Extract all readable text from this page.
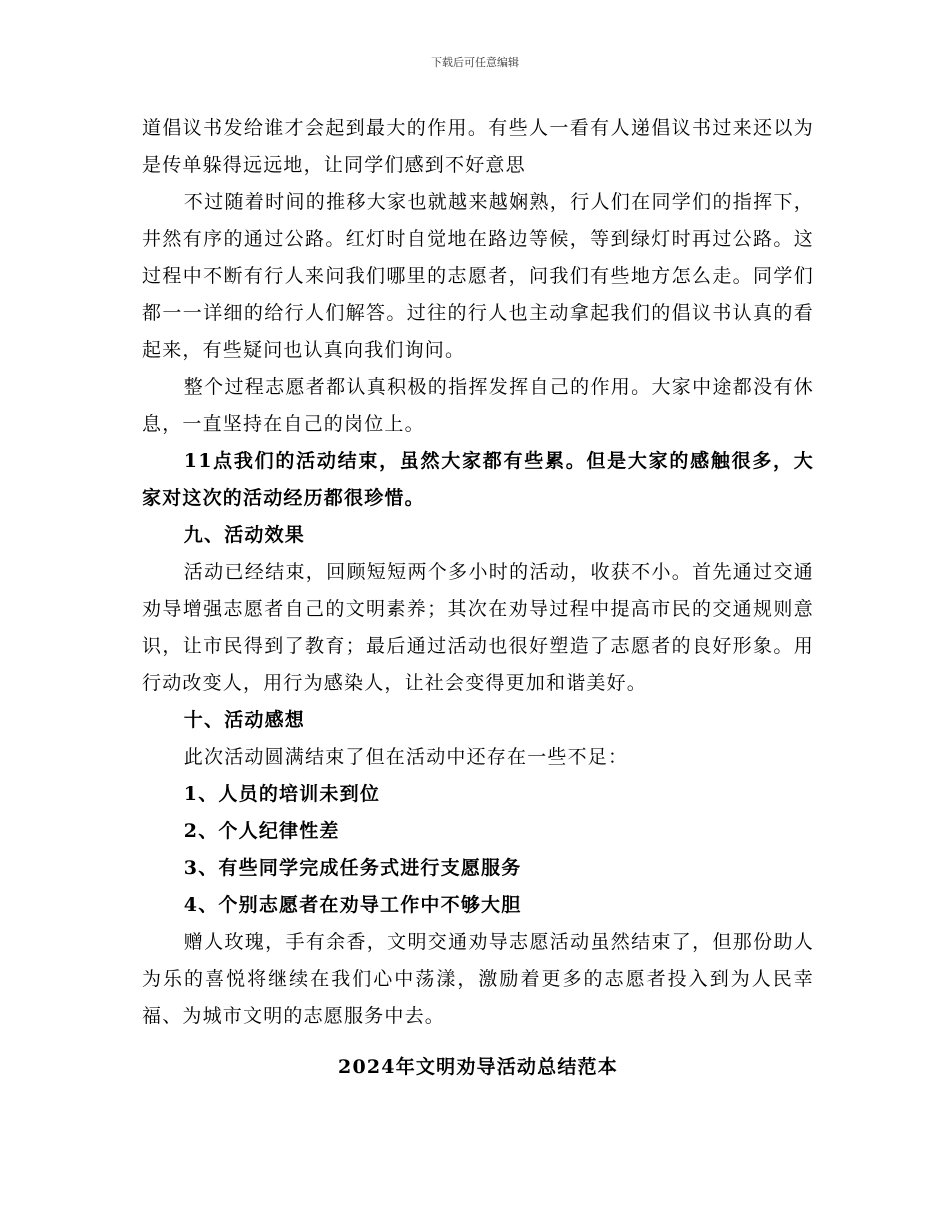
下载后可任意编辑

道倡议书发给谁才会起到最大的作用。有些人一看有人递倡议书过来还以为是传单躲得远远地，让同学们感到不好意思

不过随着时间的推移大家也就越来越娴熟，行人们在同学们的指挥下，井然有序的通过公路。红灯时自觉地在路边等候，等到绿灯时再过公路。这过程中不断有行人来问我们哪里的志愿者，问我们有些地方怎么走。同学们都一一详细的给行人们解答。过往的行人也主动拿起我们的倡议书认真的看起来，有些疑问也认真向我们询问。

整个过程志愿者都认真积极的指挥发挥自己的作用。大家中途都没有休息，一直坚持在自己的岗位上。

11点我们的活动结束，虽然大家都有些累。但是大家的感触很多，大家对这次的活动经历都很珍惜。

九、活动效果

活动已经结束，回顾短短两个多小时的活动，收获不小。首先通过交通劝导增强志愿者自己的文明素养；其次在劝导过程中提高市民的交通规则意识，让市民得到了教育；最后通过活动也很好塑造了志愿者的良好形象。用行动改变人，用行为感染人，让社会变得更加和谐美好。

十、活动感想

此次活动圆满结束了但在活动中还存在一些不足：

1、人员的培训未到位

2、个人纪律性差

3、有些同学完成任务式进行支愿服务

4、个别志愿者在劝导工作中不够大胆

赠人玫瑰，手有余香，文明交通劝导志愿活动虽然结束了，但那份助人为乐的喜悦将继续在我们心中荡漾，激励着更多的志愿者投入到为人民幸福、为城市文明的志愿服务中去。

2024年文明劝导活动总结范本
